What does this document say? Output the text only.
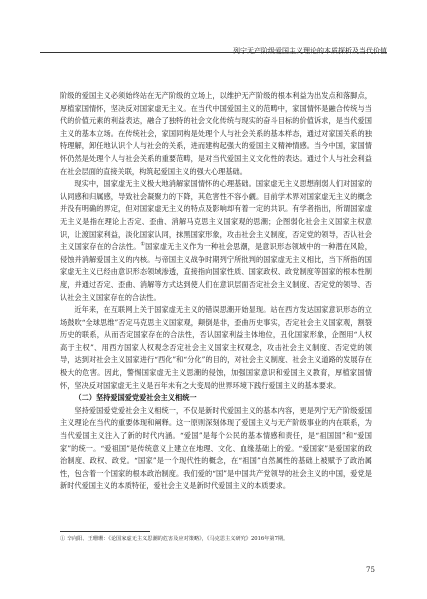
列宁无产阶级爱国主义理论的本质探析及当代价值

阶级的爱国主义必须始终站在无产阶级的立场上，以维护无产阶级的根本利益为出发点和落脚点，厚植家国情怀，坚决反对国家虚无主义。在当代中国爱国主义的范畴中，家国情怀是融合传统与当代的价值元素的利益表达，融合了独特的社会文化传统与现实的奋斗目标的价值诉求，是当代爱国主义的基本立场。在传统社会，家国同构是处理个人与社会关系的基本样态，通过对家国关系的独特理解，卸任地认识个人与社会的关系，进而建构起强大的爱国主义精神情感。当今中国，家国情怀仍然是处理个人与社会关系的重要范畴，是对当代爱国主义文化性的表达。通过个人与社会利益在社会层面的直接关联，构筑起爱国主义的强大心理基础。

现实中，国家虚无主义极大地消解家国情怀的心理基础。国家虚无主义思想削弱人们对国家的认同感和归属感，导致社会凝聚力的下降，其危害性不容小觑。目前学术界对国家虚无主义的概念并没有明确的界定，但对国家虚无主义的特点及影响却有着一定的共识。有学者指出，所谓国家虚无主义是指在理论上否定、歪曲、消解马克思主义国家观的思潮；企图弱化社会主义国家主权意识，让渡国家利益，淡化国家认同，抹黑国家形象，攻击社会主义制度，否定党的领导，否认社会主义国家存在的合法性。①国家虚无主义作为一种社会思潮，是意识形态领域中的一种潜在风险，侵蚀并消解爱国主义的内核。与帝国主义战争时期列宁所批判的国家虚无主义相比，当下所指的国家虚无主义已经由意识形态领域渗透，直接指向国家性质、国家政权、政党制度等国家的根本性制度，并通过否定、歪曲、消解等方式达到使人们在意识层面否定社会主义制度、否定党的领导、否认社会主义国家存在的合法性。

近年来，在互联网上关于国家虚无主义的错误思潮开始显现。站在西方发达国家意识形态的立场鼓吹“全球思维”否定马克思主义国家观，颠倒是非，歪曲历史事实，否定社会主义国家观，割裂历史的联系，从而否定国家存在的合法性，否认国家利益主体地位，丑化国家形象，企图用“人权高于主权”、用西方国家人权观念否定社会主义国家主权观念，攻击社会主义制度、否定党的领导，达到对社会主义国家进行“西化”和“分化”的目的，对社会主义制度、社会主义道路的发展存在极大的危害。因此，警惕国家虚无主义思潮的侵蚀，加强国家意识和爱国主义教育，厚植家国情怀，坚决反对国家虚无主义是百年未有之大变局的世界环境下践行爱国主义的基本要求。

（二）坚持爱国爱党爱社会主义相统一

坚持爱国爱党爱社会主义相统一，不仅是新时代爱国主义的基本内容，更是列宁无产阶级爱国主义理论在当代的重要体现和阐释。这一原则深刻体现了爱国主义与无产阶级事业的内在联系，为当代爱国主义注入了新的时代内涵。“爱国”是每个公民的基本情感和责任，是“祖国国”和“爱国家”的统一。“爱祖国”是传统意义上建立在地理、文化、血缘基础上的爱。“爱国家”是爱国家的政治制度、政权、政党。“国家”是一个现代性的概念，在“祖国”自然属性的基础上被赋予了政治属性，包含着一个国家的根本政治制度。我们爱的“国”是中国共产党领导的社会主义的中国，爱党是新时代爱国主义的本质特征，爱社会主义是新时代爱国主义的本质要求。

① 辛向阳、王珊珊：《论国家虚无主义思潮的危害及应对策略》，《马克思主义研究》2016年第7期。
75
